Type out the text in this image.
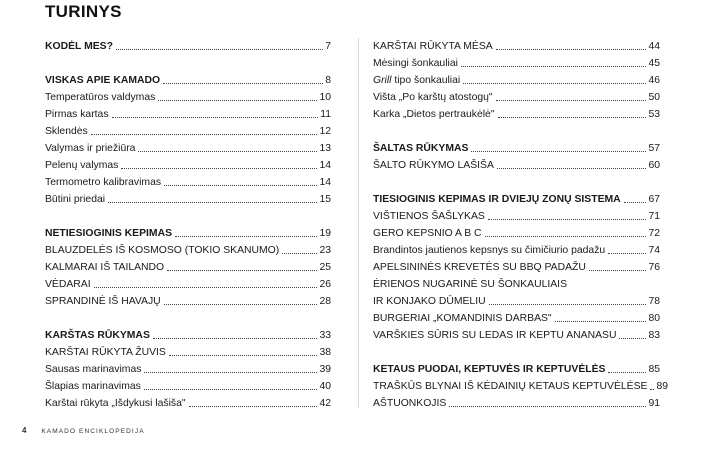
TURINYS
KODĖL MES?	7
VISKAS APIE KAMADO	8
Temperatūros valdymas	10
Pirmas kartas	11
Sklendės	12
Valymas ir priežiūra	13
Pelenų valymas	14
Termometro kalibravimas	14
Būtini priedai	15
NETIESIOGINIS KEPIMAS	19
BLAUZDELĖS IŠ KOSMOSO (TOKIO SKANUMO)	23
KALMARAI IŠ TAILANDO	25
VĖDARAI	26
SPRANDINĖ IŠ HAVAJŲ	28
KARŠTAS RŪKYMAS	33
KARŠTAI RŪKYTA ŽUVIS	38
Sausas marinavimas	39
Šlapias marinavimas	40
Karštai rūkyta „Išdykusi lašiša"	42
KARŠTAI RŪKYTA MĖSA	44
Mėsingi šonkauliai	45
Grill tipo šonkauliai	46
Vištа „Po karštų atostogų"	50
Karka „Dietos pertraukėlė"	53
ŠALTAS RŪKYMAS	57
ŠALTO RŪKYMO LAŠIŠA	60
TIESIOGINIS KEPIMAS IR DVIEJŲ ZONŲ SISTEMA	67
VIŠTIENOS ŠAŠLYKAS	71
GERO KEPSNIO A B C	72
Brandintos jautienos kepsnys su čimičiurio padažu	74
APELSININĖS KREVETĖS SU BBQ PADAŽU	76
ĖRIENOS NUGARINĖ SU ŠONKAULIAIS
IR KONJAKO DŪMELIU	78
BURGERIAI „KOMANDINIS DARBAS"	80
VARŠKIES SŪRIS SU LEDAS IR KEPTU ANANASU	83
KETAUS PUODAI, KEPTUVĖS IR KEPTUVĖLĖS	85
TRAŠKŪS BLYNAI IŠ KĖDAINIŲ KETAUS KEPTUVĖLĖSE 89
AŠTUONKOJIS	91
4 KAMADO ENCIKLOPEDIJA
